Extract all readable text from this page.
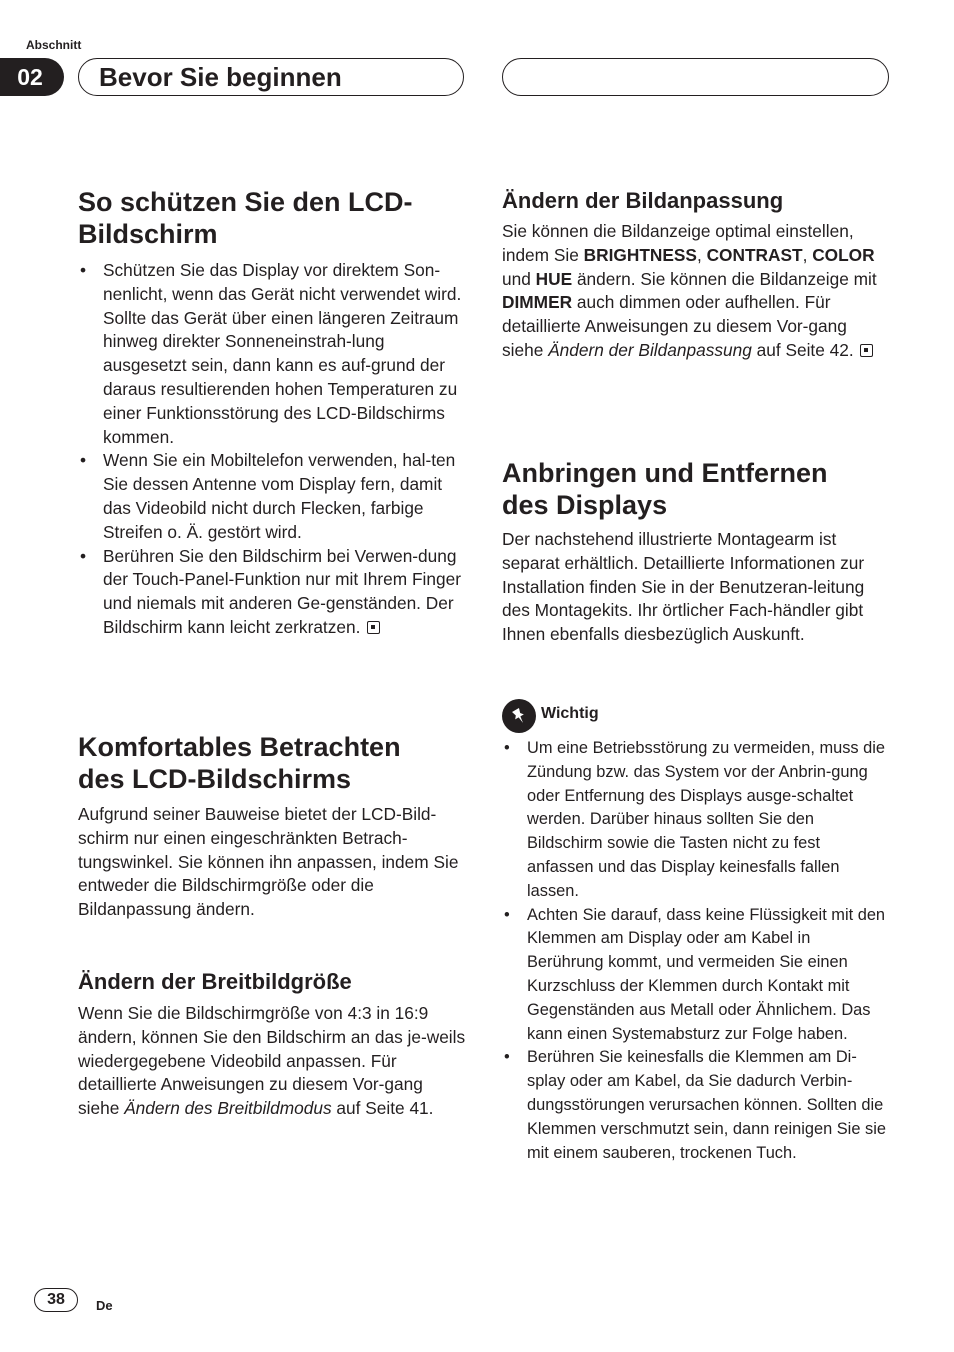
Abschnitt
02	Bevor Sie beginnen
So schützen Sie den LCD-
Bildschirm
• Schützen Sie das Display vor direktem Son-nenlicht, wenn das Gerät nicht verwendet wird. Sollte das Gerät über einen längeren Zeitraum hinweg direkter Sonneneinstrah-lung ausgesetzt sein, dann kann es auf-grund der daraus resultierenden hohen Temperaturen zu einer Funktionsstörung des LCD-Bildschirms kommen.
• Wenn Sie ein Mobiltelefon verwenden, hal-ten Sie dessen Antenne vom Display fern, damit das Videobild nicht durch Flecken, farbige Streifen o. Ä. gestört wird.
• Berühren Sie den Bildschirm bei Verwen-dung der Touch-Panel-Funktion nur mit Ihrem Finger und niemals mit anderen Ge-genständen. Der Bildschirm kann leicht zerkratzen.
Komfortables Betrachten
des LCD-Bildschirms

Aufgrund seiner Bauweise bietet der LCD-Bild-schirm nur einen eingeschränkten Betrach-tungswinkel. Sie können ihn anpassen, indem Sie entweder die Bildschirmgröße oder die Bildanpassung ändern.

Ändern der Breitbildgröße

Wenn Sie die Bildschirmgröße von 4:3 in 16:9 ändern, können Sie den Bildschirm an das je-weils wiedergegebene Videobild anpassen. Für detaillierte Anweisungen zu diesem Vor-gang siehe Ändern des Breitbildmodus auf Seite 41.

Ändern der Bildanpassung

Sie können die Bildanzeige optimal einstellen, indem Sie BRIGHTNESS, CONTRAST, COLOR und HUE ändern. Sie können die Bildanzeige mit DIMMER auch dimmen oder aufhellen. Für detaillierte Anweisungen zu diesem Vor-gang siehe Ändern der Bildanpassung auf Seite 42.

Anbringen und Entfernen
des Displays

Der nachstehend illustrierte Montagearm ist separat erhältlich. Detaillierte Informationen zur Installation finden Sie in der Benutzeran-leitung des Montagekits. Ihr örtlicher Fach-händler gibt Ihnen ebenfalls diesbezüglich Auskunft.

• Um eine Betriebsstörung zu vermeiden, muss die Zündung bzw. das System vor der Anbrin-gung oder Entfernung des Displays ausge-schaltet werden. Darüber hinaus sollten Sie den Bildschirm sowie die Tasten nicht zu fest anfassen und das Display keinesfalls fallen lassen.
• Achten Sie darauf, dass keine Flüssigkeit mit den Klemmen am Display oder am Kabel in Berührung kommt, und vermeiden Sie einen Kurzschluss der Klemmen durch Kontakt mit Gegenständen aus Metall oder Ähnlichem. Das kann einen Systemabsturz zur Folge haben.
• Berühren Sie keinesfalls die Klemmen am Di-splay oder am Kabel, da Sie dadurch Verbin-dungsstörungen verursachen können. Sollten die Klemmen verschmutzt sein, dann reinigen Sie sie mit einem sauberen, trockenen Tuch.
Wichtig
38	De
